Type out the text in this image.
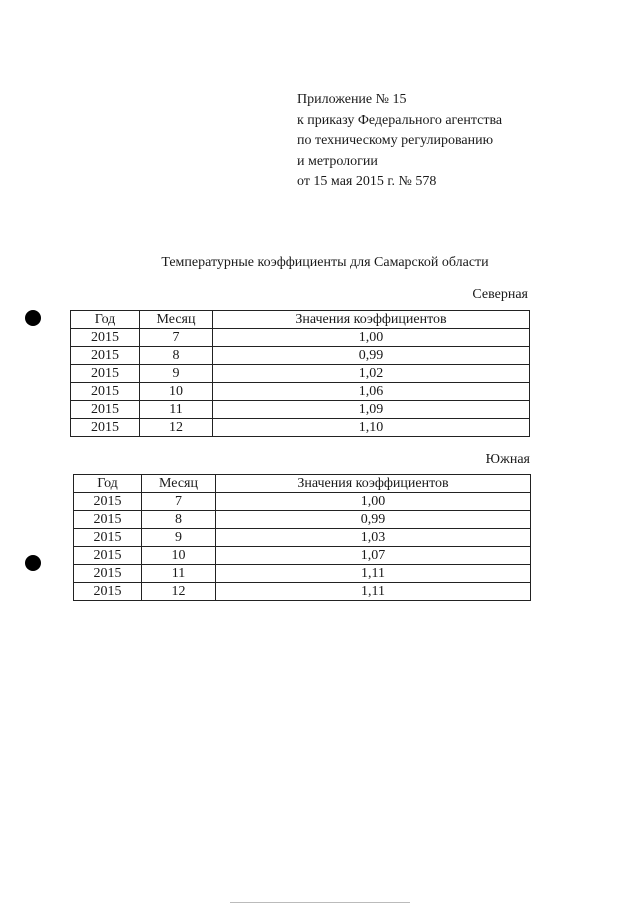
Приложение № 15
к приказу Федерального агентства
по техническому регулированию
и метрологии
от 15 мая 2015 г. № 578
Температурные коэффициенты для Самарской области
Северная
Год	Месяц	Значения коэффициентов
2015	7	1,00
2015	8	0,99
2015	9	1,02
2015	10	1,06
2015	11	1,09
2015	12	1,10
Южная
Год	Месяц	Значения коэффициентов
2015	7	1,00
2015	8	0,99
2015	9	1,03
2015	10	1,07
2015	11	1,11
2015	12	1,11
